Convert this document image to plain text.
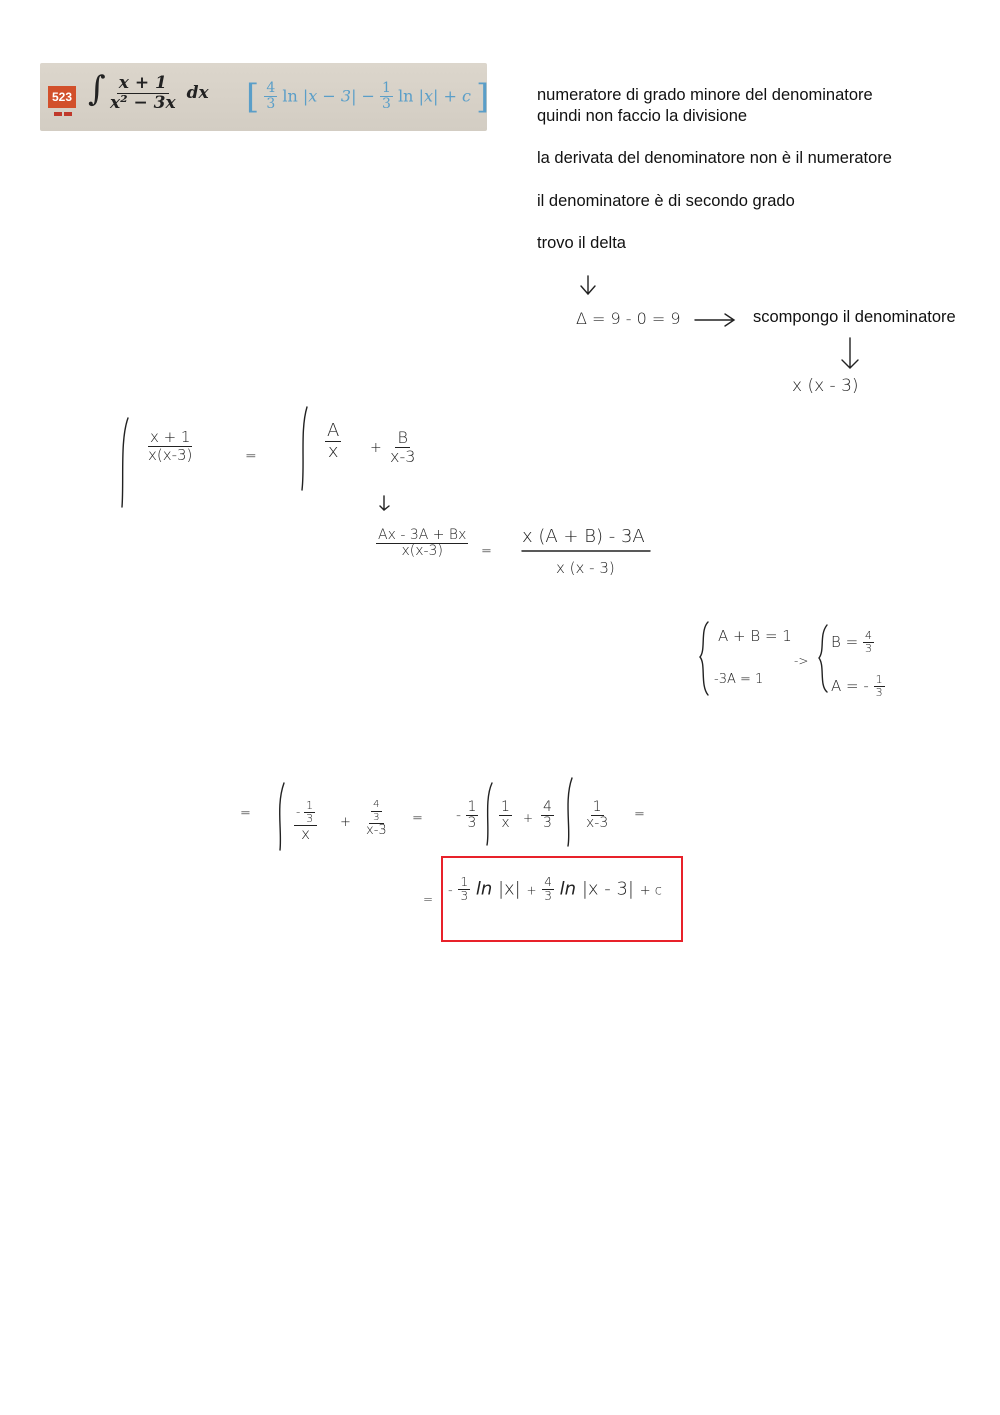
523 ∫ $\frac{x + 1}{\text{x² − 3x}}$ dx [ $\frac{4}{3}$ $\ln |x - 3| - \frac{1}{3}$ ln |x| + c ]	numeratore di grado minore del denominatore
quindi non faccio la divisione
la derivata del denominatore non è il numeratore
il denominatore è di secondo grado
trovo il delta
Δ = 9 - 0 = 9	scompongo il denominatore
x (x - 3)
$\frac{x + 1}{x(x-3)}$	=	$\frac{A}{x} + \frac{B}{x-3}$
$\frac{Ax - 3A + Bx}{x(x-3)}$ =
x (A + B) - 3A
x (x - 3)
A + B = 1
-3A = 1
->
$B = \frac{4}{3}$
A = - $\frac{1}{3}$
=	$\frac{- \frac{1}{3}}{x} + \frac{\frac{4}{3}}{x-3}$ = - $\frac{1}{3} \frac{1}{x} + \frac{4}{3} \frac{1}{x-3}$ =
=
- $\frac{1}{3}$ $\ln |x| + \frac{4}{3}$ ln |x - 3| + c
